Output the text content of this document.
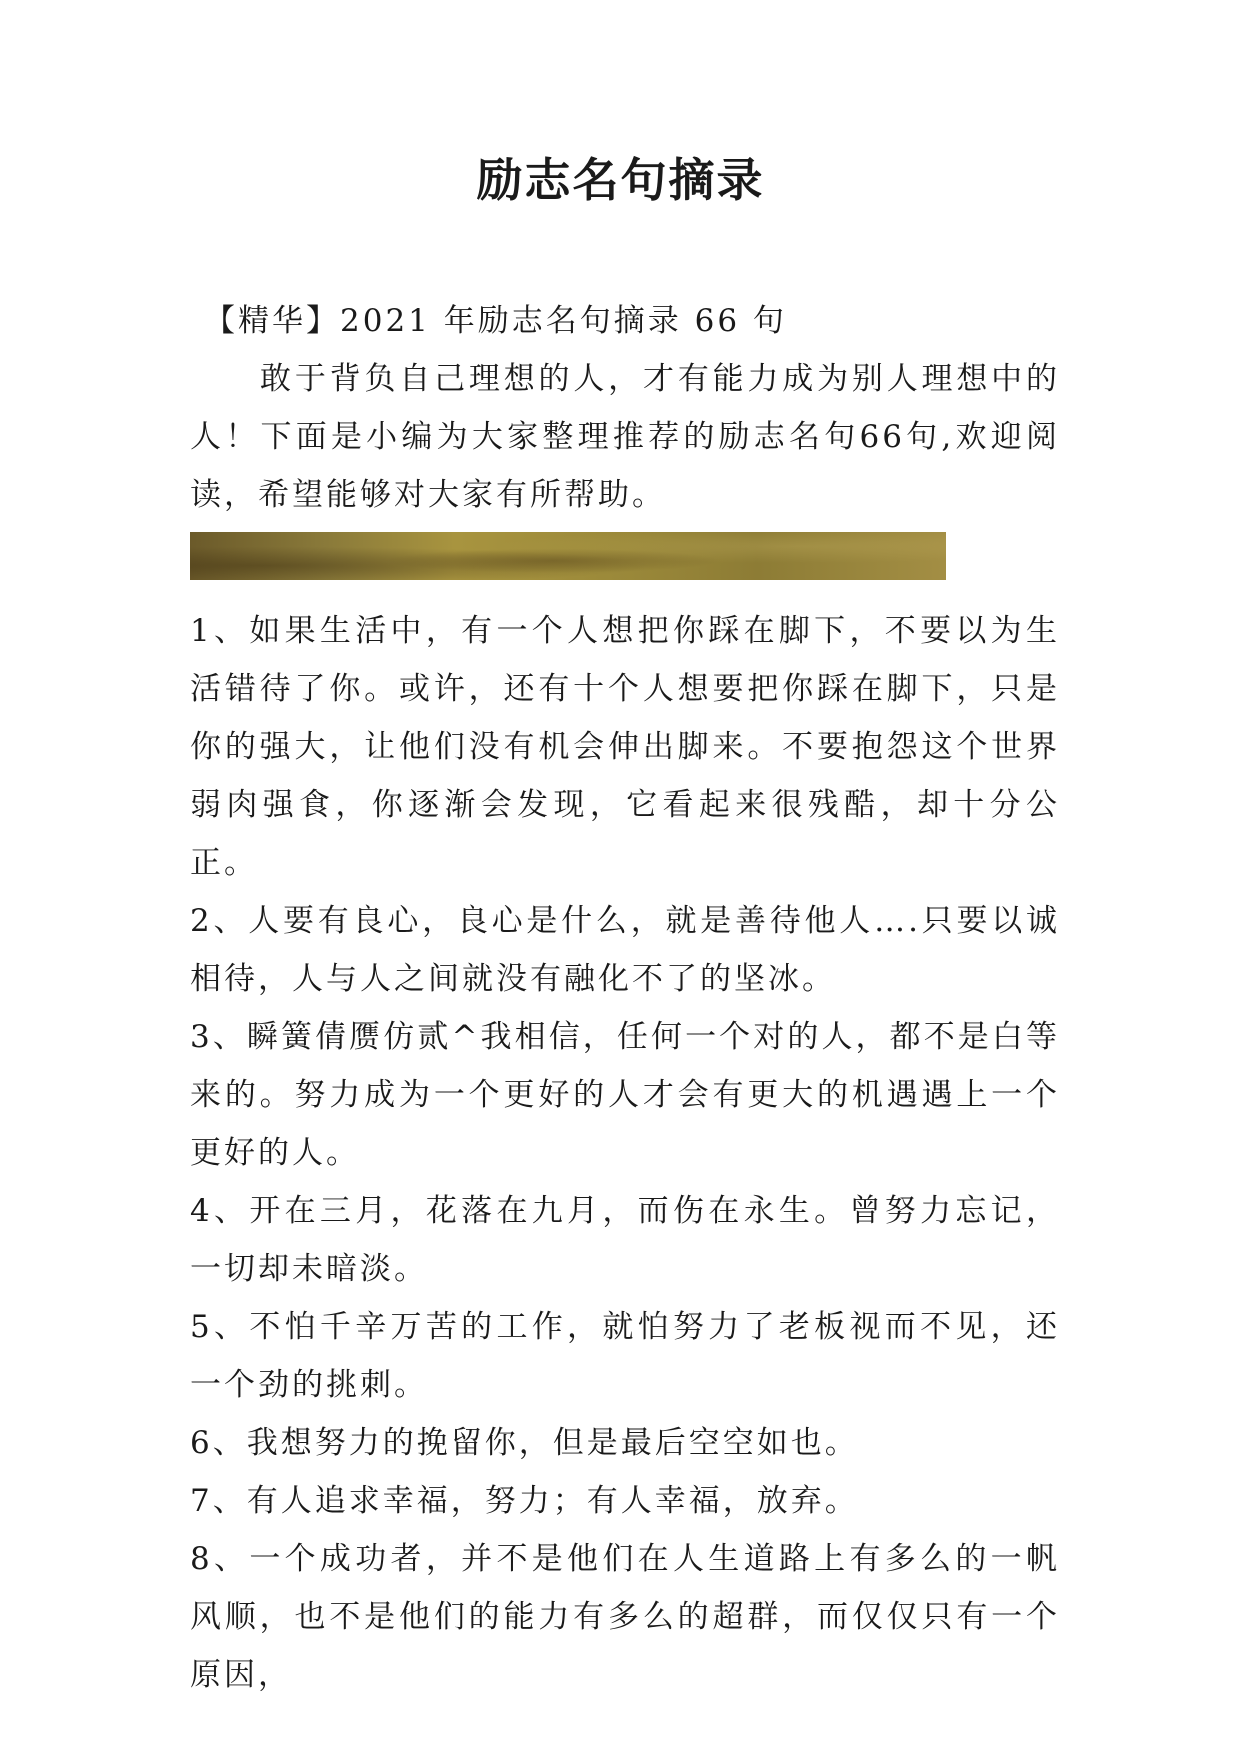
励志名句摘录

【精华】2021 年励志名句摘录 66 句

敢于背负自己理想的人，才有能力成为别人理想中的人！下面是小编为大家整理推荐的励志名句66句,欢迎阅读，希望能够对大家有所帮助。

1、如果生活中，有一个人想把你踩在脚下，不要以为生活错待了你。或许，还有十个人想要把你踩在脚下，只是你的强大，让他们没有机会伸出脚来。不要抱怨这个世界弱肉强食，你逐渐会发现，它看起来很残酷，却十分公正。
2、人要有良心，良心是什么，就是善待他人….只要以诚相待，人与人之间就没有融化不了的坚冰。
3、瞬簧倩赝仿贰^我相信，任何一个对的人，都不是白等来的。努力成为一个更好的人才会有更大的机遇遇上一个更好的人。
4、开在三月，花落在九月，而伤在永生。曾努力忘记，一切却未暗淡。
5、不怕千辛万苦的工作，就怕努力了老板视而不见，还一个劲的挑刺。
6、我想努力的挽留你，但是最后空空如也。
7、有人追求幸福，努力；有人幸福，放弃。
8、一个成功者，并不是他们在人生道路上有多么的一帆风顺，也不是他们的能力有多么的超群，而仅仅只有一个原因，
